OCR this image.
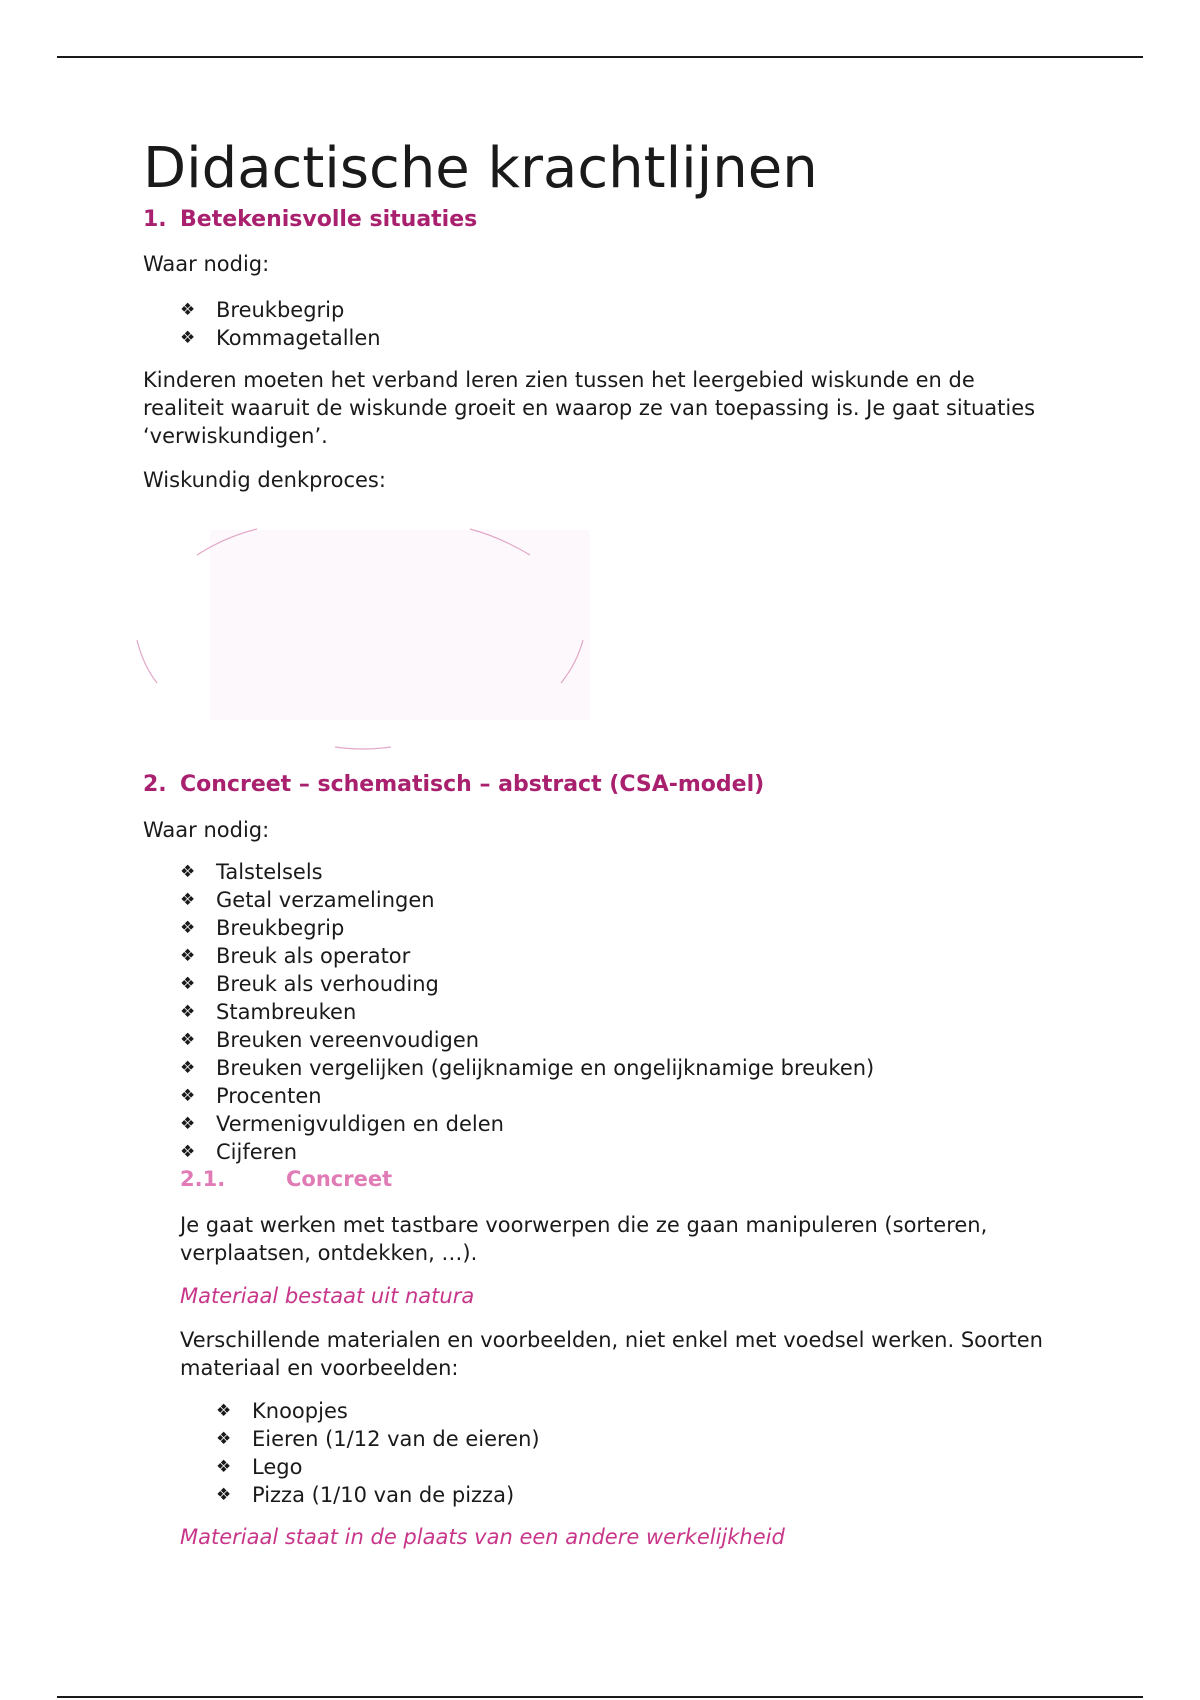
Didactische krachtlijnen
1. Betekenisvolle situaties

Waar nodig:

❖ Breukbegrip
❖ Kommagetallen

Kinderen moeten het verband leren zien tussen het leergebied wiskunde en de realiteit waaruit de wiskunde groeit en waarop ze van toepassing is. Je gaat situaties ‘verwiskundigen’.

Wiskundig denkproces:

2. Concreet – schematisch – abstract (CSA-model)

Waar nodig:

❖ Talstelsels
❖ Getal verzamelingen
❖ Breukbegrip
❖ Breuk als operator
❖ Breuk als verhouding
❖ Stambreuken
❖ Breuken vereenvoudigen
❖ Breuken vergelijken (gelijknamige en ongelijknamige breuken)
❖ Procenten
❖ Vermenigvuldigen en delen
❖ Cijferen
2.1.	Concreet

Je gaat werken met tastbare voorwerpen die ze gaan manipuleren (sorteren, verplaatsen, ontdekken, …).

Materiaal bestaat uit natura

Verschillende materialen en voorbeelden, niet enkel met voedsel werken. Soorten materiaal en voorbeelden:

❖ Knoopjes
❖ Eieren (1/12 van de eieren)
❖ Lego
❖ Pizza (1/10 van de pizza)

Materiaal staat in de plaats van een andere werkelijkheid
